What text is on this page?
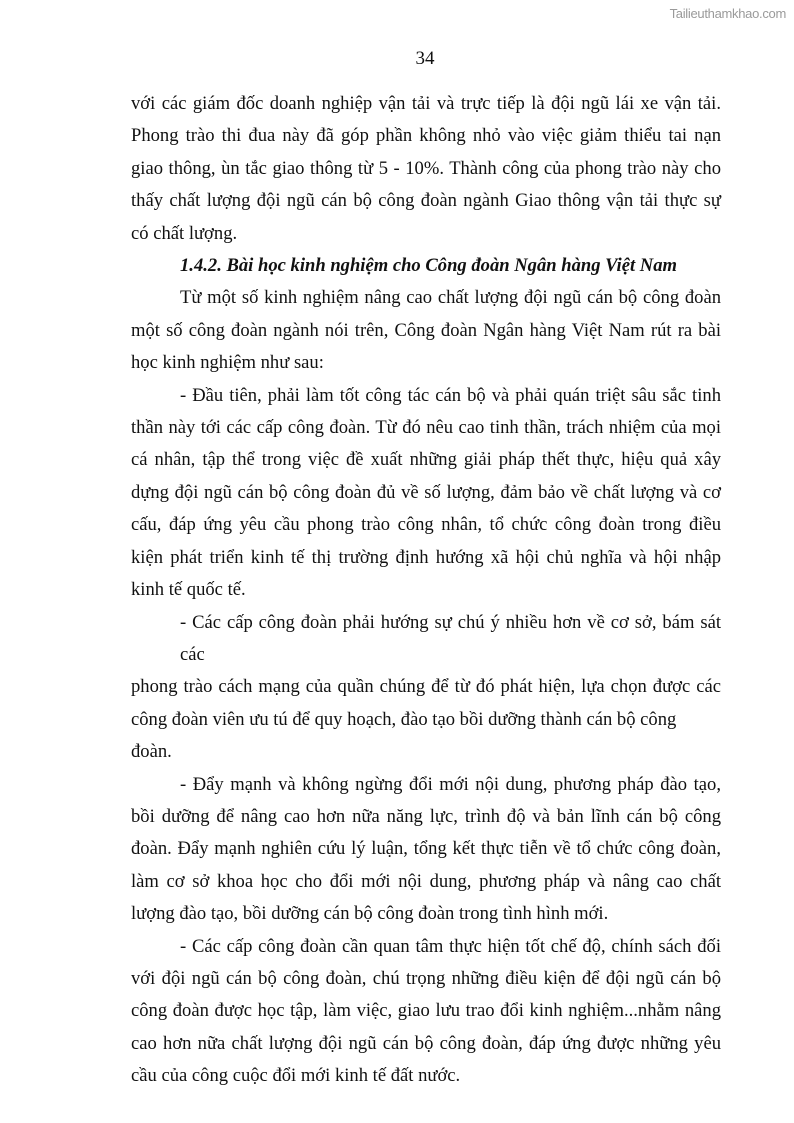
Tailieuthamkhao.com
34
với các giám đốc doanh nghiệp vận tải và trực tiếp là đội ngũ lái xe vận tải.
Phong trào thi đua này đã góp phần không nhỏ vào việc giảm thiểu tai nạn
giao thông, ùn tắc giao thông từ 5 - 10%. Thành công của phong trào này cho
thấy chất lượng đội ngũ cán bộ công đoàn ngành Giao thông vận tải thực sự
có chất lượng.
1.4.2. Bài học kinh nghiệm cho Công đoàn Ngân hàng Việt Nam
Từ một số kinh nghiệm nâng cao chất lượng đội ngũ cán bộ công đoàn
một số công đoàn ngành nói trên, Công đoàn Ngân hàng Việt Nam rút ra bài
học kinh nghiệm như sau:
- Đầu tiên, phải làm tốt công tác cán bộ và phải quán triệt sâu sắc tinh
thần này tới các cấp công đoàn. Từ đó nêu cao tinh thần, trách nhiệm của mọi
cá nhân, tập thể trong việc đề xuất những giải pháp thết thực, hiệu quả xây
dựng đội ngũ cán bộ công đoàn đủ về số lượng, đảm bảo về chất lượng và cơ
cấu, đáp ứng yêu cầu phong trào công nhân, tổ chức công đoàn trong điều
kiện phát triển kinh tế thị trường định hướng xã hội chủ nghĩa và hội nhập
kinh tế quốc tế.
- Các cấp công đoàn phải hướng sự chú ý nhiều hơn về cơ sở, bám sát các
phong trào cách mạng của quần chúng để từ đó phát hiện, lựa chọn được các
công đoàn viên ưu tú để quy hoạch, đào tạo bồi dưỡng thành cán bộ công đoàn.
- Đẩy mạnh và không ngừng đổi mới nội dung, phương pháp đào tạo,
bồi dưỡng để nâng cao hơn nữa năng lực, trình độ và bản lĩnh cán bộ công
đoàn. Đẩy mạnh nghiên cứu lý luận, tổng kết thực tiễn về tổ chức công đoàn,
làm cơ sở khoa học cho đổi mới nội dung, phương pháp và nâng cao chất
lượng đào tạo, bồi dưỡng cán bộ công đoàn trong tình hình mới.
- Các cấp công đoàn cần quan tâm thực hiện tốt chế độ, chính sách đối
với đội ngũ cán bộ công đoàn, chú trọng những điều kiện để đội ngũ cán bộ
công đoàn được học tập, làm việc, giao lưu trao đổi kinh nghiệm...nhằm nâng
cao hơn nữa chất lượng đội ngũ cán bộ công đoàn, đáp ứng được những yêu
cầu của công cuộc đổi mới kinh tế đất nước.
